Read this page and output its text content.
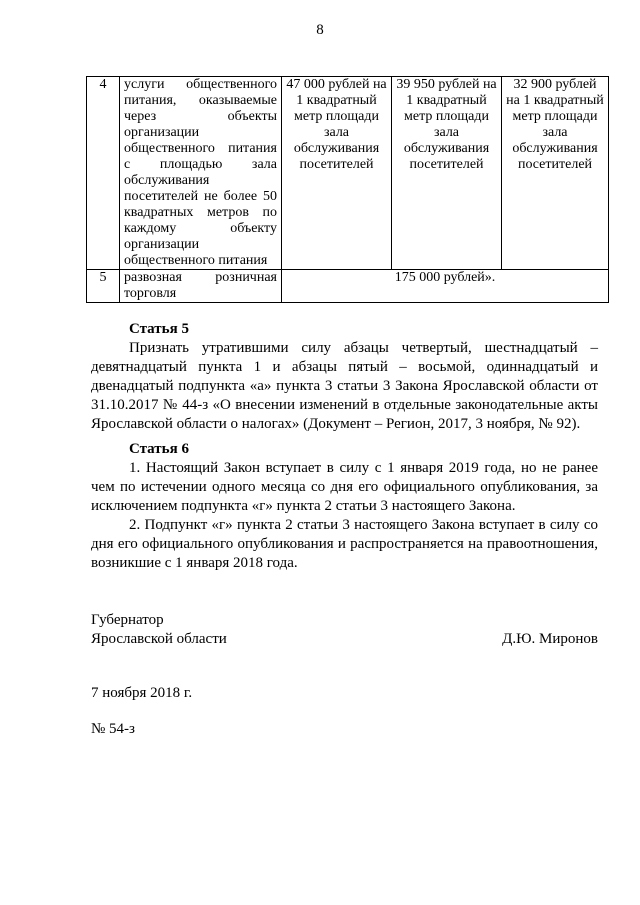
8
4	услуги общественного питания, оказываемые через объекты организации общественного питания с площадью зала обслуживания посетителей не более 50 квадратных метров по каждому объекту организации общественного питания	47 000 рублей на 1 квадратный метр площади зала обслуживания посетителей	39 950 рублей на 1 квадратный метр площади зала обслуживания посетителей	32 900 рублей на 1 квадратный метр площади зала обслуживания посетителей
5	развозная розничная торговля	175 000 рублей».		
Статья 5
Признать утратившими силу абзацы четвертый, шестнадцатый – девятнадцатый пункта 1 и абзацы пятый – восьмой, одиннадцатый и двенадцатый подпункта «а» пункта 3 статьи 3 Закона Ярославской области от 31.10.2017 № 44-з «О внесении изменений в отдельные законодательные акты Ярославской области о налогах» (Документ – Регион, 2017, 3 ноября, № 92).
Статья 6
1. Настоящий Закон вступает в силу с 1 января 2019 года, но не ранее чем по истечении одного месяца со дня его официального опубликования, за исключением подпункта «г» пункта 2 статьи 3 настоящего Закона.
2. Подпункт «г» пункта 2 статьи 3 настоящего Закона вступает в силу со дня его официального опубликования и распространяется на правоотношения, возникшие с 1 января 2018 года.
Губернатор
Ярославской области	Д.Ю. Миронов
7 ноября 2018 г.
№ 54-з
